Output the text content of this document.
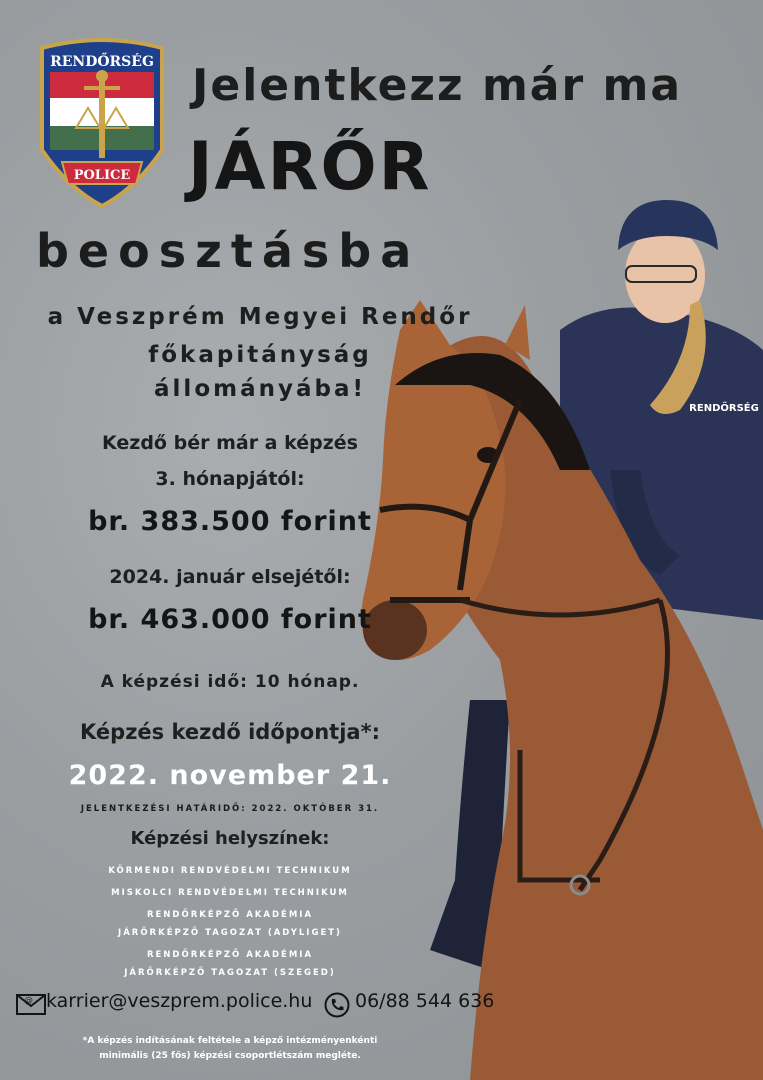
RENDŐRSÉG
RENDŐRSÉG
POLICE
Jelentkezz már ma
JÁRŐR
beosztásba
a Veszprém Megyei Rendőr
főkapitányság
állományába!
Kezdő bér már a képzés
3. hónapjától:
br. 383.500 forint
2024. január elsejétől:
br. 463.000 forint
A képzési idő: 10 hónap.
Képzés kezdő időpontja*:
2022. november 21.
JELENTKEZÉSI HATÁRIDŐ: 2022. OKTÓBER 31.
Képzési helyszínek:
KÖRMENDI RENDVÉDELMI TECHNIKUM
MISKOLCI RENDVÉDELMI TECHNIKUM
RENDŐRKÉPZŐ AKADÉMIA
JÁRŐRKÉPZŐ TAGOZAT (ADYLIGET)
RENDŐRKÉPZŐ AKADÉMIA
JÁRŐRKÉPZŐ TAGOZAT (SZEGED)
@ karrier@veszprem.police.hu 06/88 544 636
*A képzés indításának feltétele a képző intézményenkénti
minimális (25 fős) képzési csoportlétszám megléte.
